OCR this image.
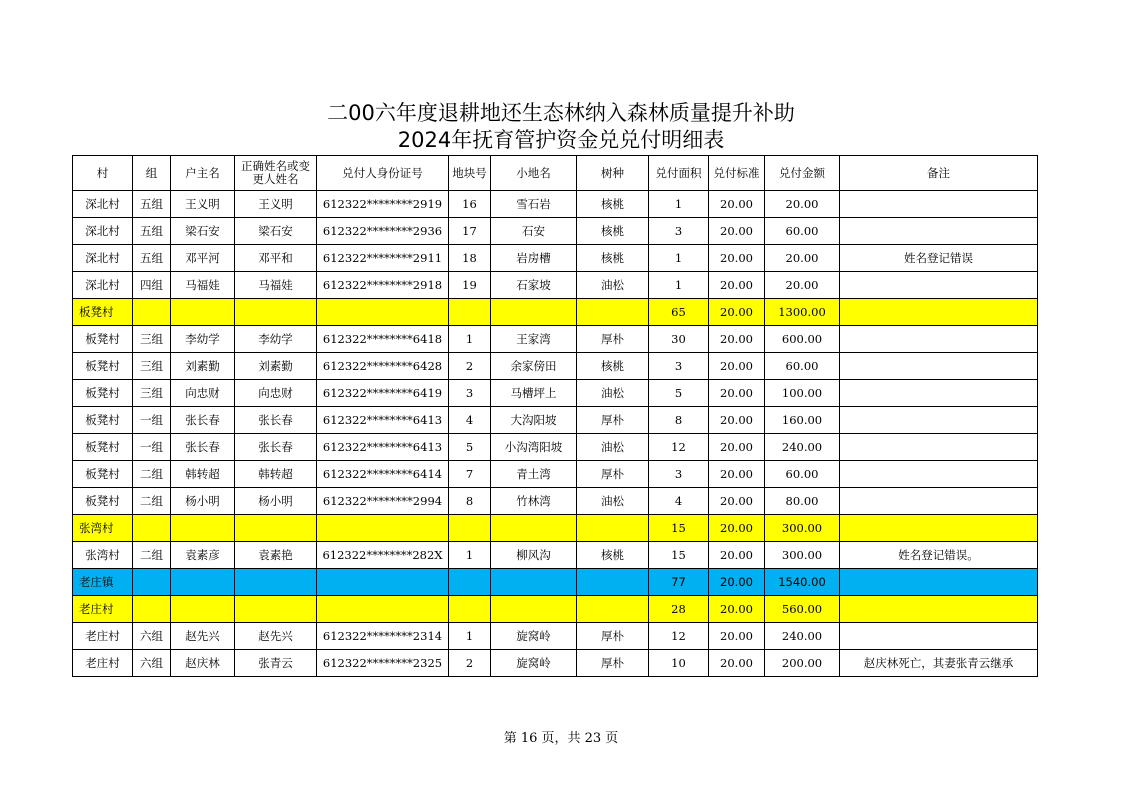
二00六年度退耕地还生态林纳入森林质量提升补助
2024年抚育管护资金兑兑付明细表
村	组	户主名	正确姓名或变更人姓名	兑付人身份证号	地块号	小地名	树种	兑付面积	兑付标准	兑付金额	备注
深北村	五组	王义明	王义明	612322********2919	16	雪石岩	核桃	1	20.00	20.00	
深北村	五组	梁石安	梁石安	612322********2936	17	石安	核桃	3	20.00	60.00	
深北村	五组	邓平河	邓平和	612322********2911	18	岩房槽	核桃	1	20.00	20.00	姓名登记错误
深北村	四组	马福娃	马福娃	612322********2918	19	石家坡	油松	1	20.00	20.00	
板凳村								65	20.00	1300.00	
板凳村	三组	李幼学	李幼学	612322********6418	1	王家湾	厚朴	30	20.00	600.00	
板凳村	三组	刘素勤	刘素勤	612322********6428	2	余家傍田	核桃	3	20.00	60.00	
板凳村	三组	向忠财	向忠财	612322********6419	3	马槽坪上	油松	5	20.00	100.00	
板凳村	一组	张长春	张长春	612322********6413	4	大沟阳坡	厚朴	8	20.00	160.00	
板凳村	一组	张长春	张长春	612322********6413	5	小沟湾阳坡	油松	12	20.00	240.00	
板凳村	二组	韩转超	韩转超	612322********6414	7	青土湾	厚朴	3	20.00	60.00	
板凳村	二组	杨小明	杨小明	612322********2994	8	竹林湾	油松	4	20.00	80.00	
张湾村								15	20.00	300.00	
张湾村	二组	袁素彦	袁素艳	612322********282X	1	柳风沟	核桃	15	20.00	300.00	姓名登记错误。
老庄镇								77	20.00	1540.00	
老庄村								28	20.00	560.00	
老庄村	六组	赵先兴	赵先兴	612322********2314	1	旋窝岭	厚朴	12	20.00	240.00	
老庄村	六组	赵庆林	张青云	612322********2325	2	旋窝岭	厚朴	10	20.00	200.00	赵庆林死亡，其妻张青云继承
第 16 页，共 23 页
